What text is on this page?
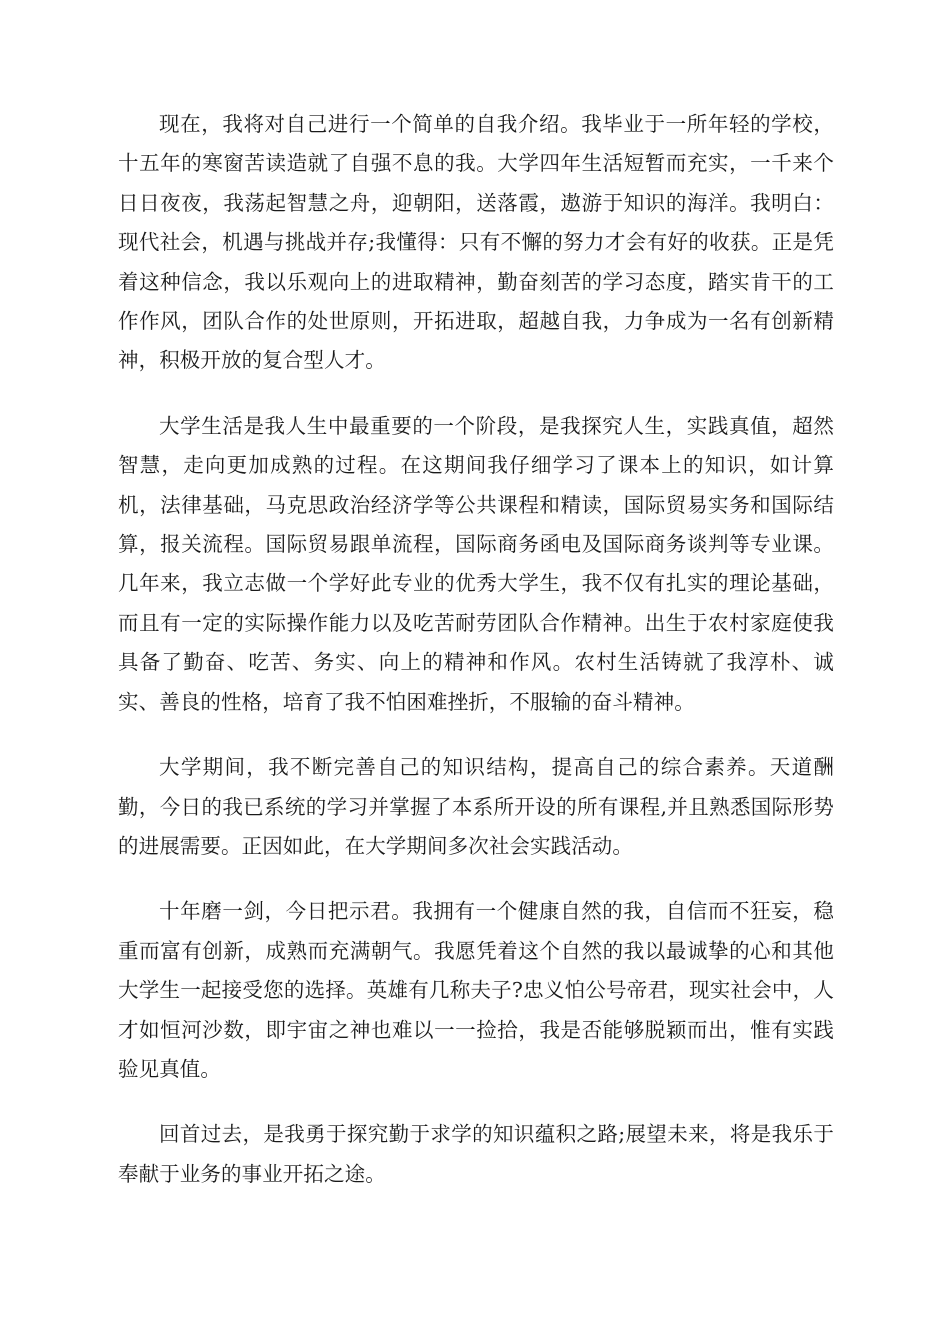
现在，我将对自己进行一个简单的自我介绍。我毕业于一所年轻的学校，十五年的寒窗苦读造就了自强不息的我。大学四年生活短暂而充实，一千来个日日夜夜，我荡起智慧之舟，迎朝阳，送落霞，遨游于知识的海洋。我明白：现代社会，机遇与挑战并存;我懂得：只有不懈的努力才会有好的收获。正是凭着这种信念，我以乐观向上的进取精神，勤奋刻苦的学习态度，踏实肯干的工作作风，团队合作的处世原则，开拓进取，超越自我，力争成为一名有创新精神，积极开放的复合型人才。

大学生活是我人生中最重要的一个阶段，是我探究人生，实践真值，超然智慧，走向更加成熟的过程。在这期间我仔细学习了课本上的知识，如计算机，法律基础，马克思政治经济学等公共课程和精读，国际贸易实务和国际结算，报关流程。国际贸易跟单流程，国际商务函电及国际商务谈判等专业课。几年来，我立志做一个学好此专业的优秀大学生，我不仅有扎实的理论基础，而且有一定的实际操作能力以及吃苦耐劳团队合作精神。出生于农村家庭使我具备了勤奋、吃苦、务实、向上的精神和作风。农村生活铸就了我淳朴、诚实、善良的性格，培育了我不怕困难挫折，不服输的奋斗精神。

大学期间，我不断完善自己的知识结构，提高自己的综合素养。天道酬勤，今日的我已系统的学习并掌握了本系所开设的所有课程,并且熟悉国际形势的进展需要。正因如此，在大学期间多次社会实践活动。

十年磨一剑，今日把示君。我拥有一个健康自然的我，自信而不狂妄，稳重而富有创新，成熟而充满朝气。我愿凭着这个自然的我以最诚挚的心和其他大学生一起接受您的选择。英雄有几称夫子?忠义怕公号帝君，现实社会中，人才如恒河沙数，即宇宙之神也难以一一捡拾，我是否能够脱颖而出，惟有实践验见真值。

回首过去，是我勇于探究勤于求学的知识蕴积之路;展望未来，将是我乐于奉献于业务的事业开拓之途。
